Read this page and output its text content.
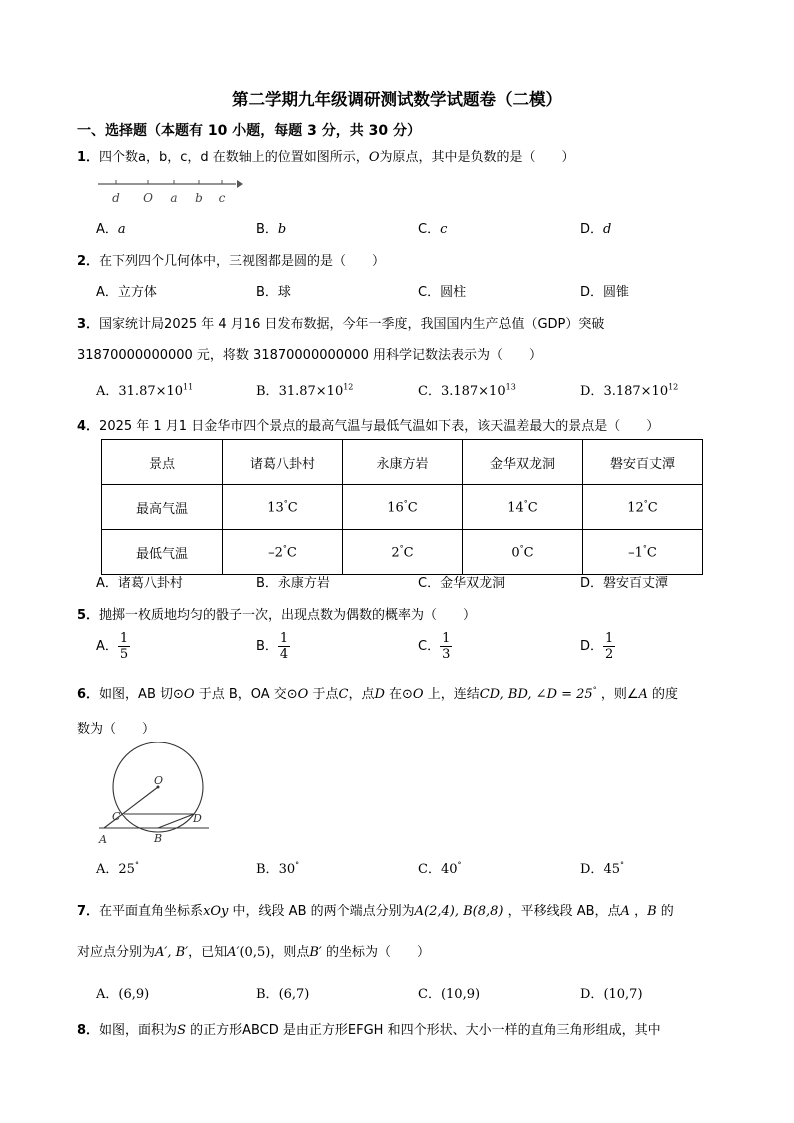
第二学期九年级调研测试数学试题卷（二模）
一、选择题（本题有 10 小题，每题 3 分，共 30 分）
1．四个数a，b，c，d 在数轴上的位置如图所示，O为原点，其中是负数的是（　　）
d O a b c
A．a	B．b	C．c	D．d
2．在下列四个几何体中，三视图都是圆的是（　　）
A．立方体	B．球	C．圆柱	D．圆锥
3．国家统计局2025 年 4 月16 日发布数据，今年一季度，我国国内生产总值（GDP）突破
31870000000000 元，将数 31870000000000 用科学记数法表示为（　　）
A．$31.87\times 10^{11}$	B．$31.87\times 10^{12}$	C．$3.187\times 10^{13}$	D．$3.187\times 10^{12}$
4．2025 年 1 月1 日金华市四个景点的最高气温与最低气温如下表，该天温差最大的景点是（　　）
景点	诸葛八卦村	永康方岩	金华双龙洞	磐安百丈潭
最高气温	13°C	16°C	14°C	12°C
最低气温	–2°C	2°C	0°C	–1°C
A．诸葛八卦村	B．永康方岩	C．金华双龙洞	D．磐安百丈潭
5．抛掷一枚质地均匀的骰子一次，出现点数为偶数的概率为（　　）
A． $\frac{1}{5}$	B． $\frac{1}{4}$	C． $\frac{1}{3}$	D． $\frac{1}{2}$
6．如图，AB 切⊙O 于点 B，OA 交⊙O 于点C，点D 在⊙O 上，连结CD, BD, ∠D = 25° ，则∠A 的度
数为（　　）
O
C	D
A	B
A．25°	B．30°	C．40°	D．45°
7．在平面直角坐标系xOy 中，线段 AB 的两个端点分别为A(2,4), B(8,8) ，平移线段 AB，点A ，B 的
对应点分别为A′, B′，已知A′(0,5)，则点B′ 的坐标为（　　）
A．(6,9)	B．(6,7)	C．(10,9)	D．(10,7)
8．如图，面积为S 的正方形ABCD 是由正方形EFGH 和四个形状、大小一样的直角三角形组成，其中
